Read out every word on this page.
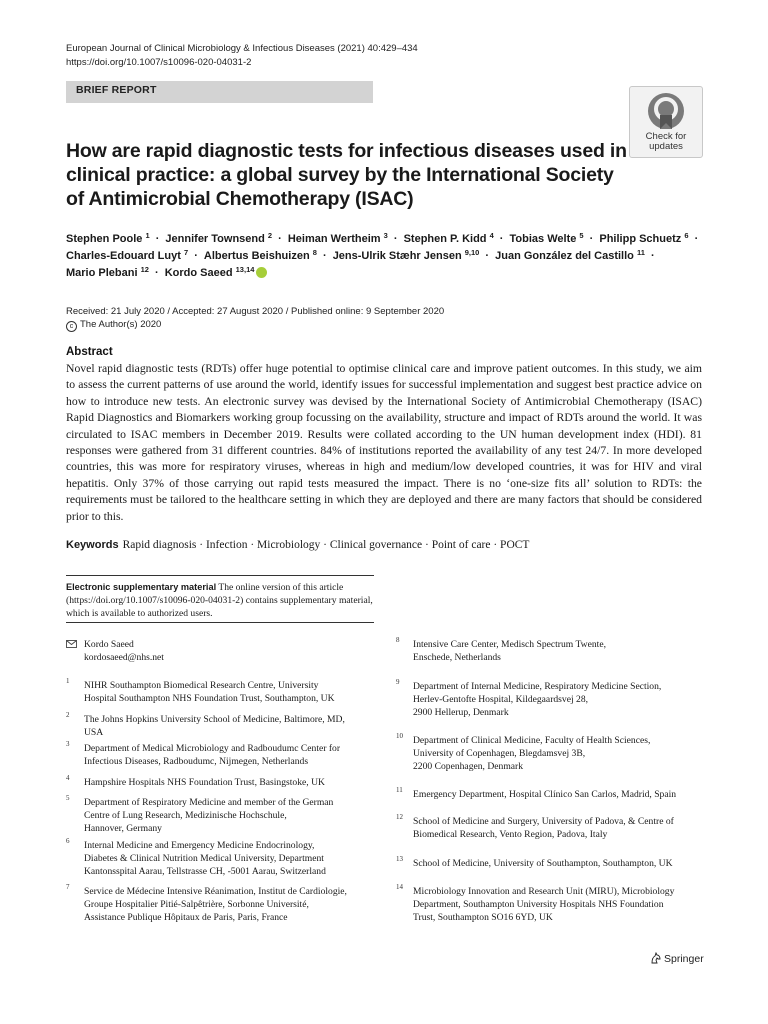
European Journal of Clinical Microbiology & Infectious Diseases (2021) 40:429–434
https://doi.org/10.1007/s10096-020-04031-2
BRIEF REPORT
Check for
updates
How are rapid diagnostic tests for infectious diseases used in clinical practice: a global survey by the International Society of Antimicrobial Chemotherapy (ISAC)
Stephen Poole $^1$ · Jennifer Townsend $^2$ · Heiman Wertheim $^3$ · Stephen P. Kidd $^4$ · Tobias Welte $^5$ · Philipp Schuetz $^6$ ·
Charles-Edouard Luyt $^7$ · Albertus Beishuizen $^8$ · Jens-Ulrik Stæhr Jensen $^{9,10}$ · Juan González del Castillo $^{11}$ ·
Mario Plebani $^{12}$ · Kordo Saeed $^{13,14}$
Received: 21 July 2020 / Accepted: 27 August 2020 / Published online: 9 September 2020
c The Author(s) 2020
Abstract
Novel rapid diagnostic tests (RDTs) offer huge potential to optimise clinical care and improve patient outcomes. In this study, we aim to assess the current patterns of use around the world, identify issues for successful implementation and suggest best practice advice on how to introduce new tests. An electronic survey was devised by the International Society of Antimicrobial Chemotherapy (ISAC) Rapid Diagnostics and Biomarkers working group focussing on the availability, structure and impact of RDTs around the world. It was circulated to ISAC members in December 2019. Results were collated according to the UN human development index (HDI). 81 responses were gathered from 31 different countries. 84% of institutions reported the availability of any test 24/7. In more developed countries, this was more for respiratory viruses, whereas in high and medium/low developed countries, it was for HIV and viral hepatitis. Only 37% of those carrying out rapid tests measured the impact. There is no ‘one-size fits all’ solution to RDTs: the requirements must be tailored to the healthcare setting in which they are deployed and there are many factors that should be considered prior to this.
Keywords Rapid diagnosis · Infection · Microbiology · Clinical governance · Point of care · POCT
Electronic supplementary material The online version of this article (https://doi.org/10.1007/s10096-020-04031-2) contains supplementary material, which is available to authorized users.
Kordo Saeed
kordosaeed@nhs.net
1 NIHR Southampton Biomedical Research Centre, University
Hospital Southampton NHS Foundation Trust, Southampton, UK
2 The Johns Hopkins University School of Medicine, Baltimore, MD,
USA
3 Department of Medical Microbiology and Radboudumc Center for
Infectious Diseases, Radboudumc, Nijmegen, Netherlands
4 Hampshire Hospitals NHS Foundation Trust, Basingstoke, UK
5 Department of Respiratory Medicine and member of the German
Centre of Lung Research, Medizinische Hochschule,
Hannover, Germany
6 Internal Medicine and Emergency Medicine Endocrinology,
Diabetes & Clinical Nutrition Medical University, Department
Kantonsspital Aarau, Tellstrasse CH, -5001 Aarau, Switzerland
7 Service de Médecine Intensive Réanimation, Institut de Cardiologie,
Groupe Hospitalier Pitié-Salpêtrière, Sorbonne Université,
Assistance Publique Hôpitaux de Paris, Paris, France
8 Intensive Care Center, Medisch Spectrum Twente,
Enschede, Netherlands
9 Department of Internal Medicine, Respiratory Medicine Section,
Herlev-Gentofte Hospital, Kildegaardsvej 28,
2900 Hellerup, Denmark
10 Department of Clinical Medicine, Faculty of Health Sciences,
University of Copenhagen, Blegdamsvej 3B,
2200 Copenhagen, Denmark
11 Emergency Department, Hospital Clínico San Carlos, Madrid, Spain
12 School of Medicine and Surgery, University of Padova, & Centre of
Biomedical Research, Vento Region, Padova, Italy
13 School of Medicine, University of Southampton, Southampton, UK
14 Microbiology Innovation and Research Unit (MIRU), Microbiology
Department, Southampton University Hospitals NHS Foundation
Trust, Southampton SO16 6YD, UK
Springer
